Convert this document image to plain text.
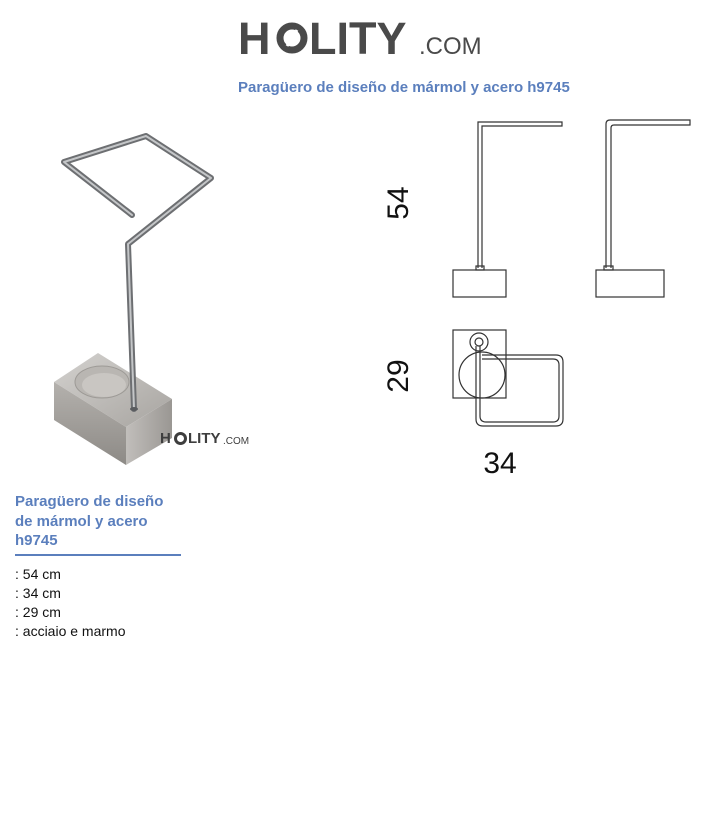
H LITY .COM
Paragüero de diseño de mármol y acero h9745
H LITY .COM
54
29
34
Paragüero de diseño de mármol y acero h9745
: 54 cm
: 34 cm
: 29 cm
: acciaio e marmo
